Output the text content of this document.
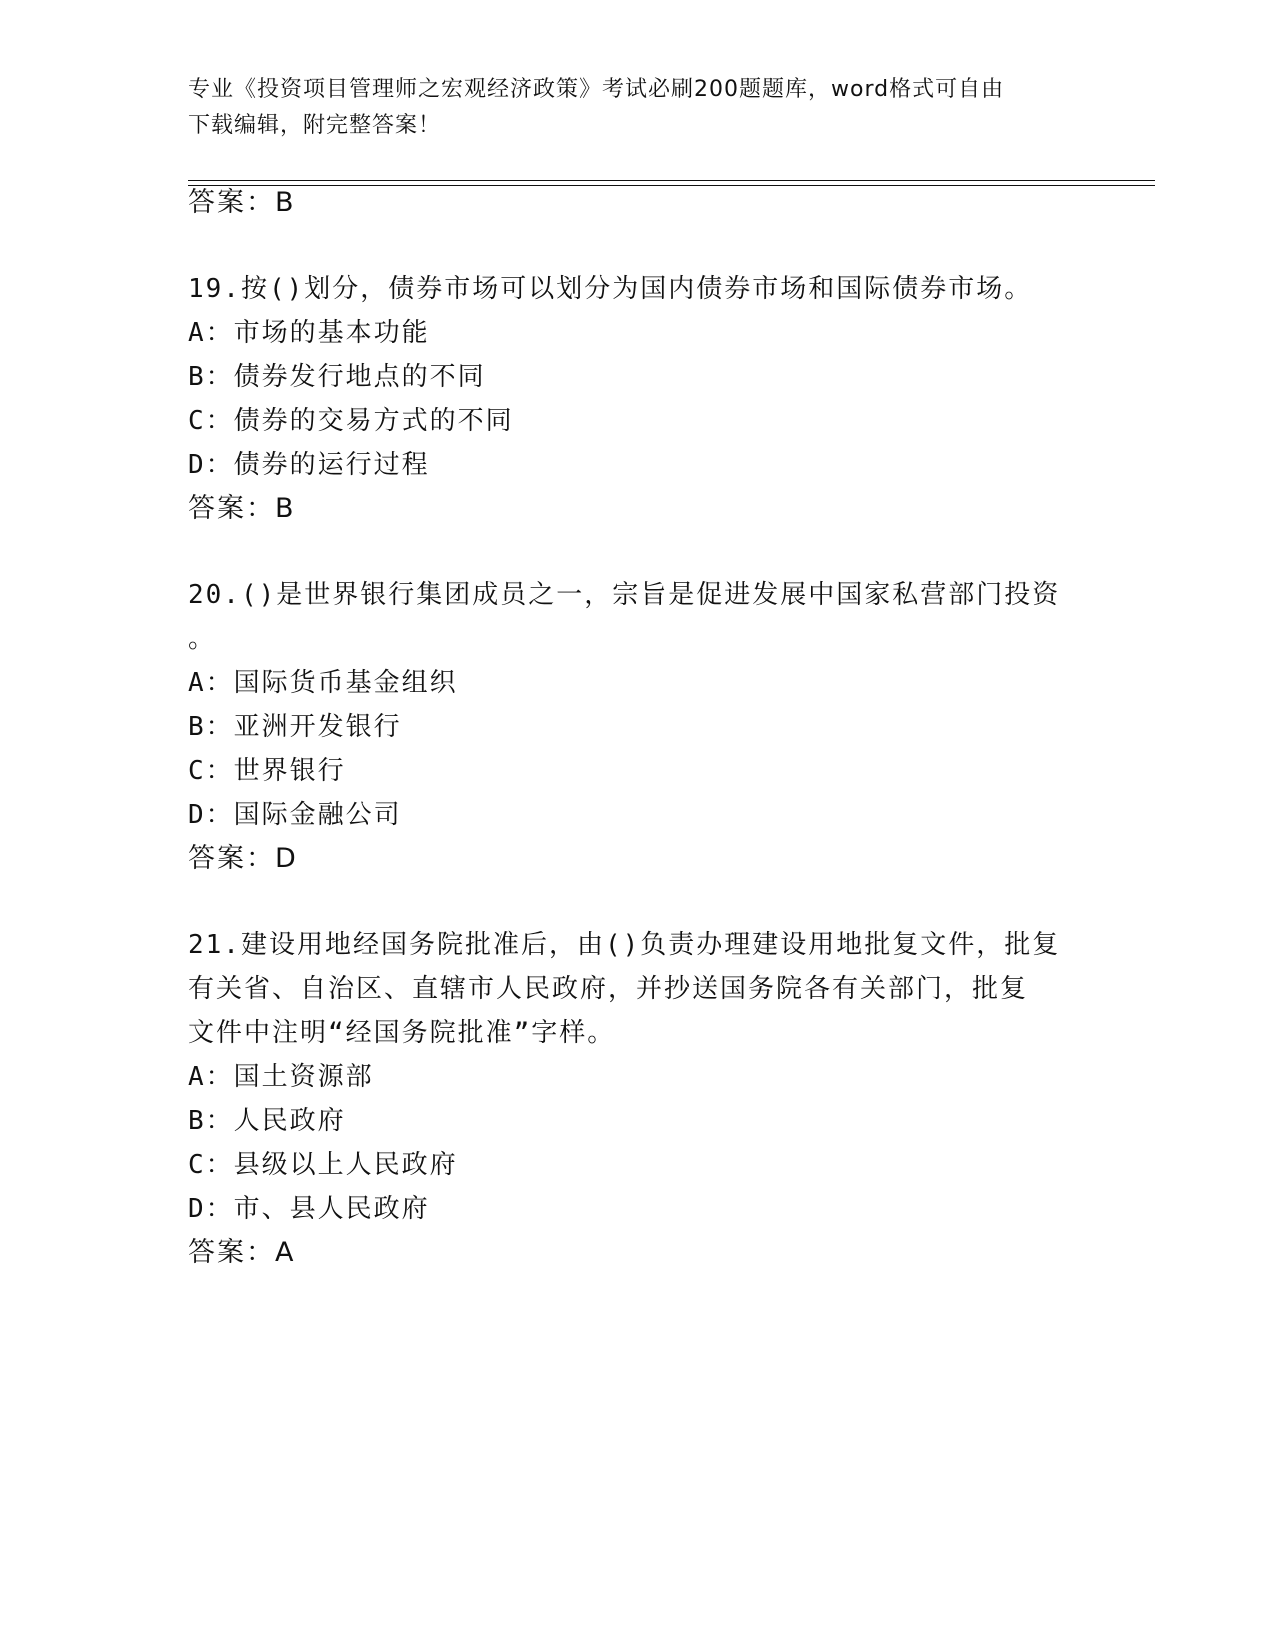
专业《投资项目管理师之宏观经济政策》考试必刷200题题库，word格式可自由
下载编辑，附完整答案！
答案：B
19.按()划分，债券市场可以划分为国内债券市场和国际债券市场。
A：市场的基本功能
B：债券发行地点的不同
C：债券的交易方式的不同
D：债券的运行过程
答案：B
20.()是世界银行集团成员之一，宗旨是促进发展中国家私营部门投资
。
A：国际货币基金组织
B：亚洲开发银行
C：世界银行
D：国际金融公司
答案：D
21.建设用地经国务院批准后，由()负责办理建设用地批复文件，批复
有关省、自治区、直辖市人民政府，并抄送国务院各有关部门，批复
文件中注明“经国务院批准”字样。
A：国土资源部
B：人民政府
C：县级以上人民政府
D：市、县人民政府
答案：A
